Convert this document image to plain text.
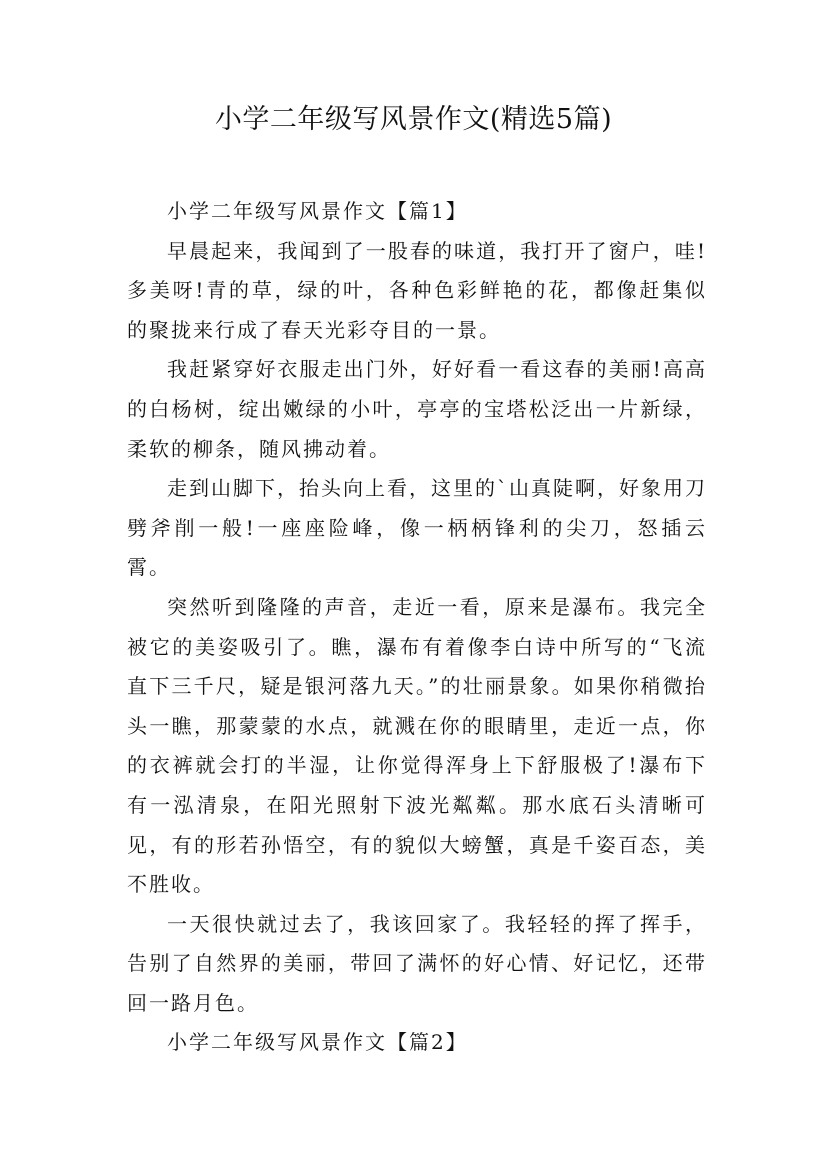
小学二年级写风景作文(精选5篇)

小学二年级写风景作文【篇1】

早晨起来，我闻到了一股春的味道，我打开了窗户，哇!多美呀!青的草，绿的叶，各种色彩鲜艳的花，都像赶集似的聚拢来行成了春天光彩夺目的一景。

我赶紧穿好衣服走出门外，好好看一看这春的美丽!高高的白杨树，绽出嫩绿的小叶，亭亭的宝塔松泛出一片新绿，柔软的柳条，随风拂动着。

走到山脚下，抬头向上看，这里的`山真陡啊，好象用刀劈斧削一般!一座座险峰，像一柄柄锋利的尖刀，怒插云霄。

突然听到隆隆的声音，走近一看，原来是瀑布。我完全被它的美姿吸引了。瞧，瀑布有着像李白诗中所写的“飞流直下三千尺，疑是银河落九天。”的壮丽景象。如果你稍微抬头一瞧，那蒙蒙的水点，就溅在你的眼睛里，走近一点，你的衣裤就会打的半湿，让你觉得浑身上下舒服极了!瀑布下有一泓清泉，在阳光照射下波光粼粼。那水底石头清晰可见，有的形若孙悟空，有的貌似大螃蟹，真是千姿百态，美不胜收。

一天很快就过去了，我该回家了。我轻轻的挥了挥手，告别了自然界的美丽，带回了满怀的好心情、好记忆，还带回一路月色。

小学二年级写风景作文【篇2】
